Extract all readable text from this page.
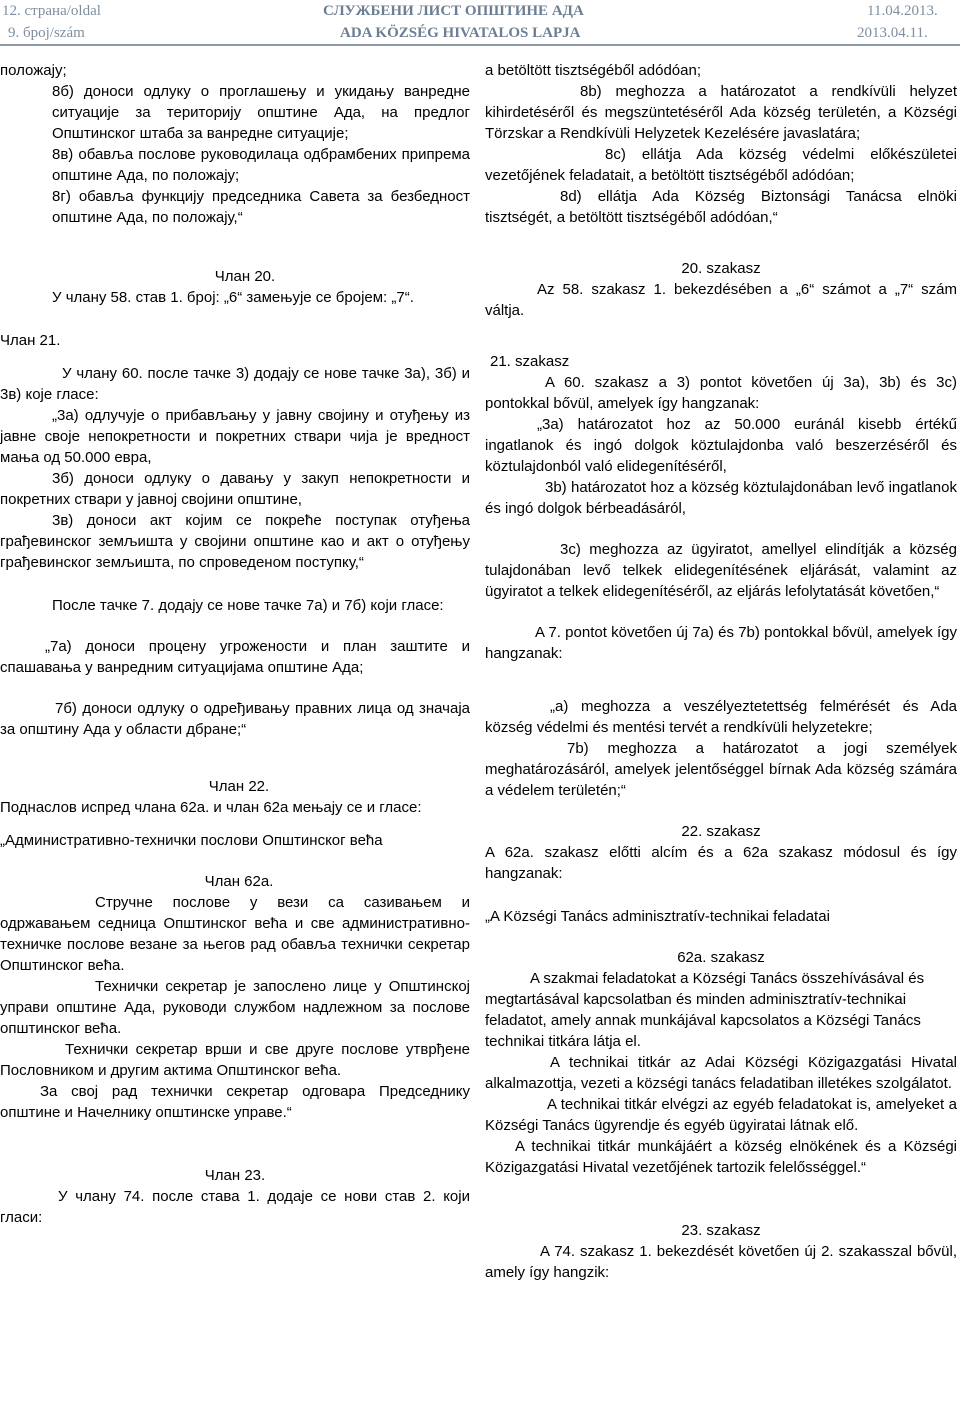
12. страна/oldal
9. број/szám
СЛУЖБЕНИ ЛИСТ ОПШТИНЕ АДА
ADA KÖZSÉG HIVATALOS LAPJA
11.04.2013.
2013.04.11.

положају;

8б) доноси одлуку о проглашењу и укидању ванредне ситуације за територију општине Ада, на предлог Општинског штаба за ванредне ситуације;

8в) обавља послове руководилаца одбрамбених припрема општине Ада, по положају;

8г) обавља функцију председника Савета за безбедност општине Ада, по положају,“

Члан 20.

У члану 58. став 1. број: „6“ замењује се бројем: „7“.

Члан 21.

У члану 60. после тачке 3) додају се нове тачке 3а), 3б) и 3в) које гласе:

„3а) одлучује о прибављању у јавну својину и отуђењу из јавне своје непокретности и покретних ствари чија је вредност мања од 50.000 евра,

3б) доноси одлуку о давању у закуп непокретности и покретних ствари у јавној својини општине,

3в) доноси акт којим се покреће поступак отуђења грађевинског земљишта у својини општине као и акт о отуђењу грађевинског земљишта, по спроведеном поступку,“

После тачке 7. додају се нове тачке 7а) и 7б) који гласе:

„7а) доноси процену угрожености и план заштите и спашавања у ванредним ситуацијама општине Ада;

7б) доноси одлуку о одређивању правних лица од значаја за општину Ада у области дбране;“

Члан 22.

Поднаслов испред члана 62а. и члан 62а мењају се и гласе:

„Административно-технички послови Општинског већа

Члан 62а.

Стручне послове у вези са сазивањем и одржавањем седница Општинског већа и све административно-техничке послове везане за његов рад обавља технички секретар Општинског већа.

Технички секретар је запослено лице у Општинској управи општине Ада, руководи службом надлежном за послове општинског већа.

Технички секретар врши и све друге послове утврђене Пословником и другим актима Општинског већа.

За свој рад технички секретар одговара Председнику општине и Начелнику општинске управе.“

Члан 23.

У члану 74. после става 1. додаје се нови став 2. који гласи:

a betöltött tisztségéből adódóan;

8b) meghozza a határozatot a rendkívüli helyzet kihirdetéséről és megszüntetéséről Ada község területén, a Községi Törzskar a Rendkívüli Helyzetek Kezelésére javaslatára;

8c) ellátja Ada község védelmi előkészületei vezetőjének feladatait, a betöltött tisztségéből adódóan;

8d) ellátja Ada Község Biztonsági Tanácsa elnöki tisztségét, a betöltött tisztségéből adódóan,“

20. szakasz

Az 58. szakasz 1. bekezdésében a „6“ számot a „7“ szám váltja.

21. szakasz

A 60. szakasz a 3) pontot követően új 3a), 3b) és 3c) pontokkal bővül, amelyek így hangzanak:

„3a) határozatot hoz az 50.000 euránál kisebb értékű ingatlanok és ingó dolgok köztulajdonba való beszerzéséről és köztulajdonból való elidegenítéséről,

3b) határozatot hoz a község köztulajdonában levő ingatlanok és ingó dolgok bérbeadásáról,

3c) meghozza az ügyiratot, amellyel elindítják a község tulajdonában levő telkek elidegenítésének eljárását, valamint az ügyiratot a telkek elidegenítéséről, az eljárás lefolytatását követően,“

A 7. pontot követően új 7a) és 7b) pontokkal bővül, amelyek így hangzanak:

„a) meghozza a veszélyeztetettség felmérését és Ada község védelmi és mentési tervét a rendkívüli helyzetekre;

7b) meghozza a határozatot a jogi személyek meghatározásáról, amelyek jelentőséggel bírnak Ada község számára a védelem területén;“

22. szakasz

A 62a. szakasz előtti alcím és a 62a szakasz módosul és így hangzanak:

„A Községi Tanács adminisztratív-technikai feladatai

62a. szakasz

A szakmai feladatokat a Községi Tanács összehívásával és megtartásával kapcsolatban és minden adminisztratív-technikai feladatot, amely annak munkájával kapcsolatos a Községi Tanács technikai titkára látja el.

A technikai titkár az Adai Községi Közigazgatási Hivatal alkalmazottja, vezeti a községi tanács feladatiban illetékes szolgálatot.

A technikai titkár elvégzi az egyéb feladatokat is, amelyeket a Községi Tanács ügyrendje és egyéb ügyiratai látnak elő.

A technikai titkár munkájáért a község elnökének és a Községi Közigazgatási Hivatal vezetőjének tartozik felelősséggel.“

23. szakasz

A 74. szakasz 1. bekezdését követően új 2. szakasszal bővül, amely így hangzik:
